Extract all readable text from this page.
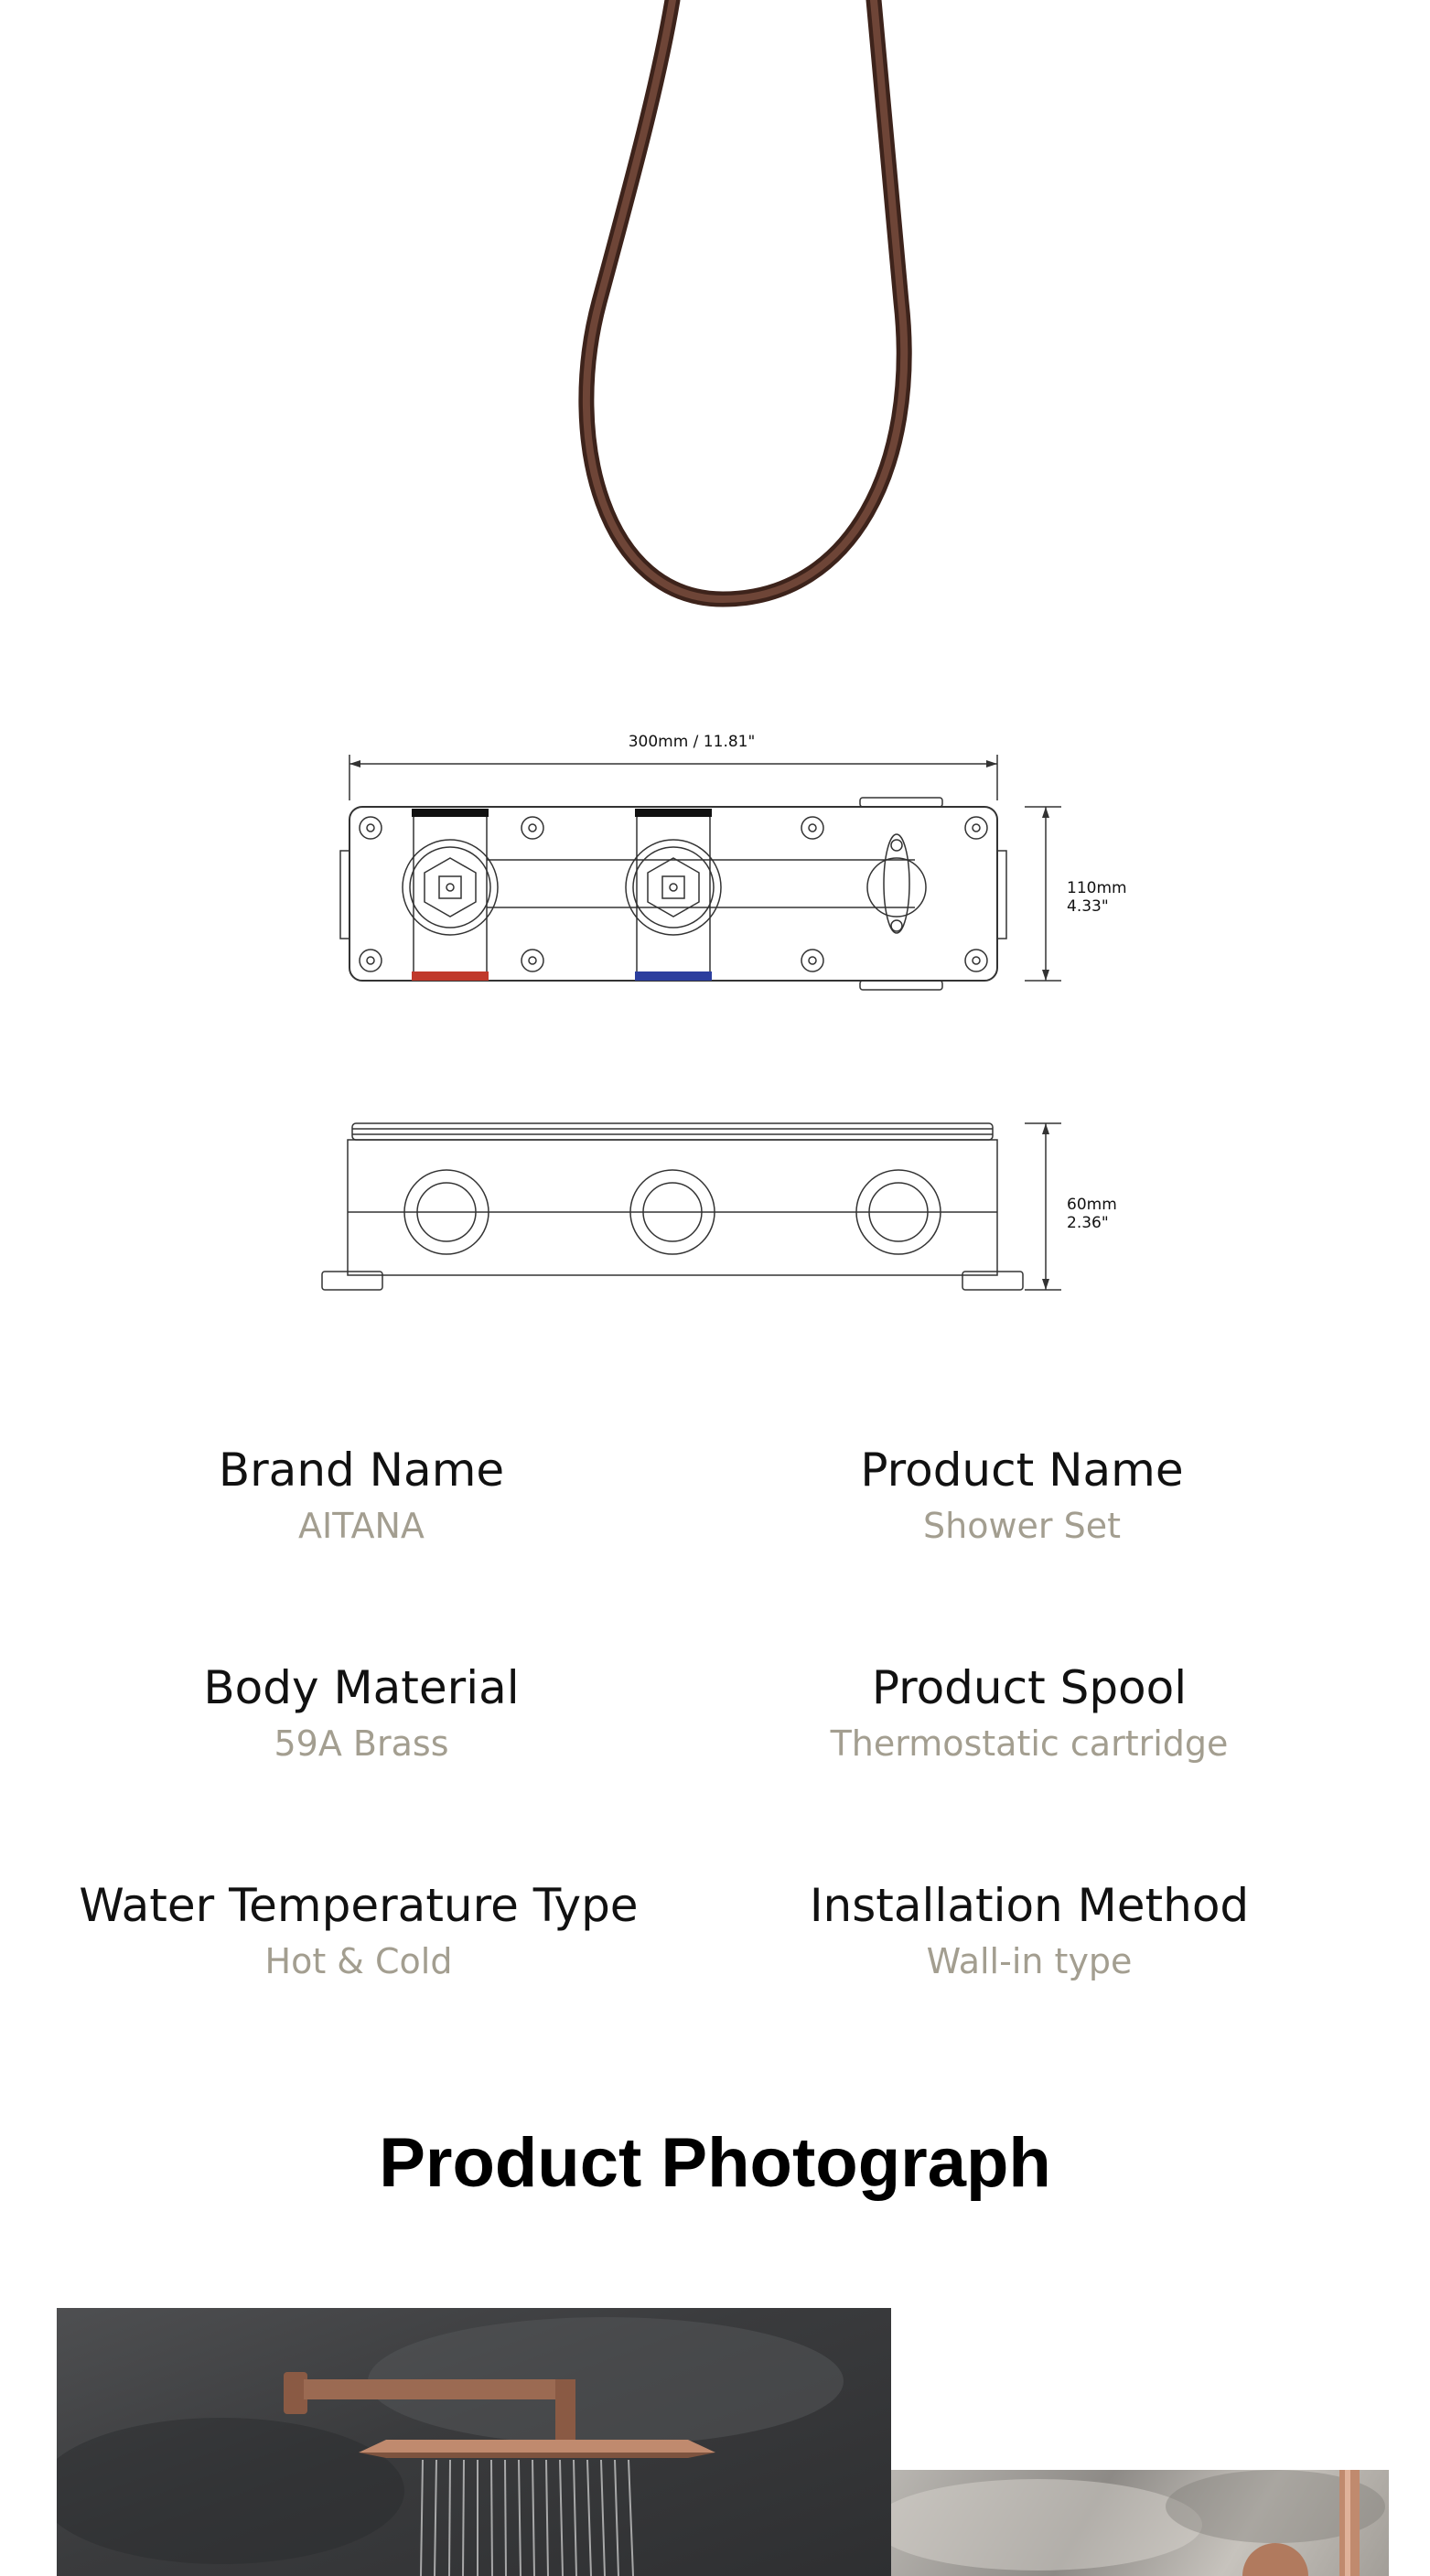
300mm / 11.81"
110mm
4.33"
60mm
2.36"
Brand Name
AITANA
Product Name
Shower Set
Body Material
59A Brass
Product Spool
Thermostatic cartridge
Water Temperature Type
Hot & Cold
Installation Method
Wall-in type
Product Photograph
